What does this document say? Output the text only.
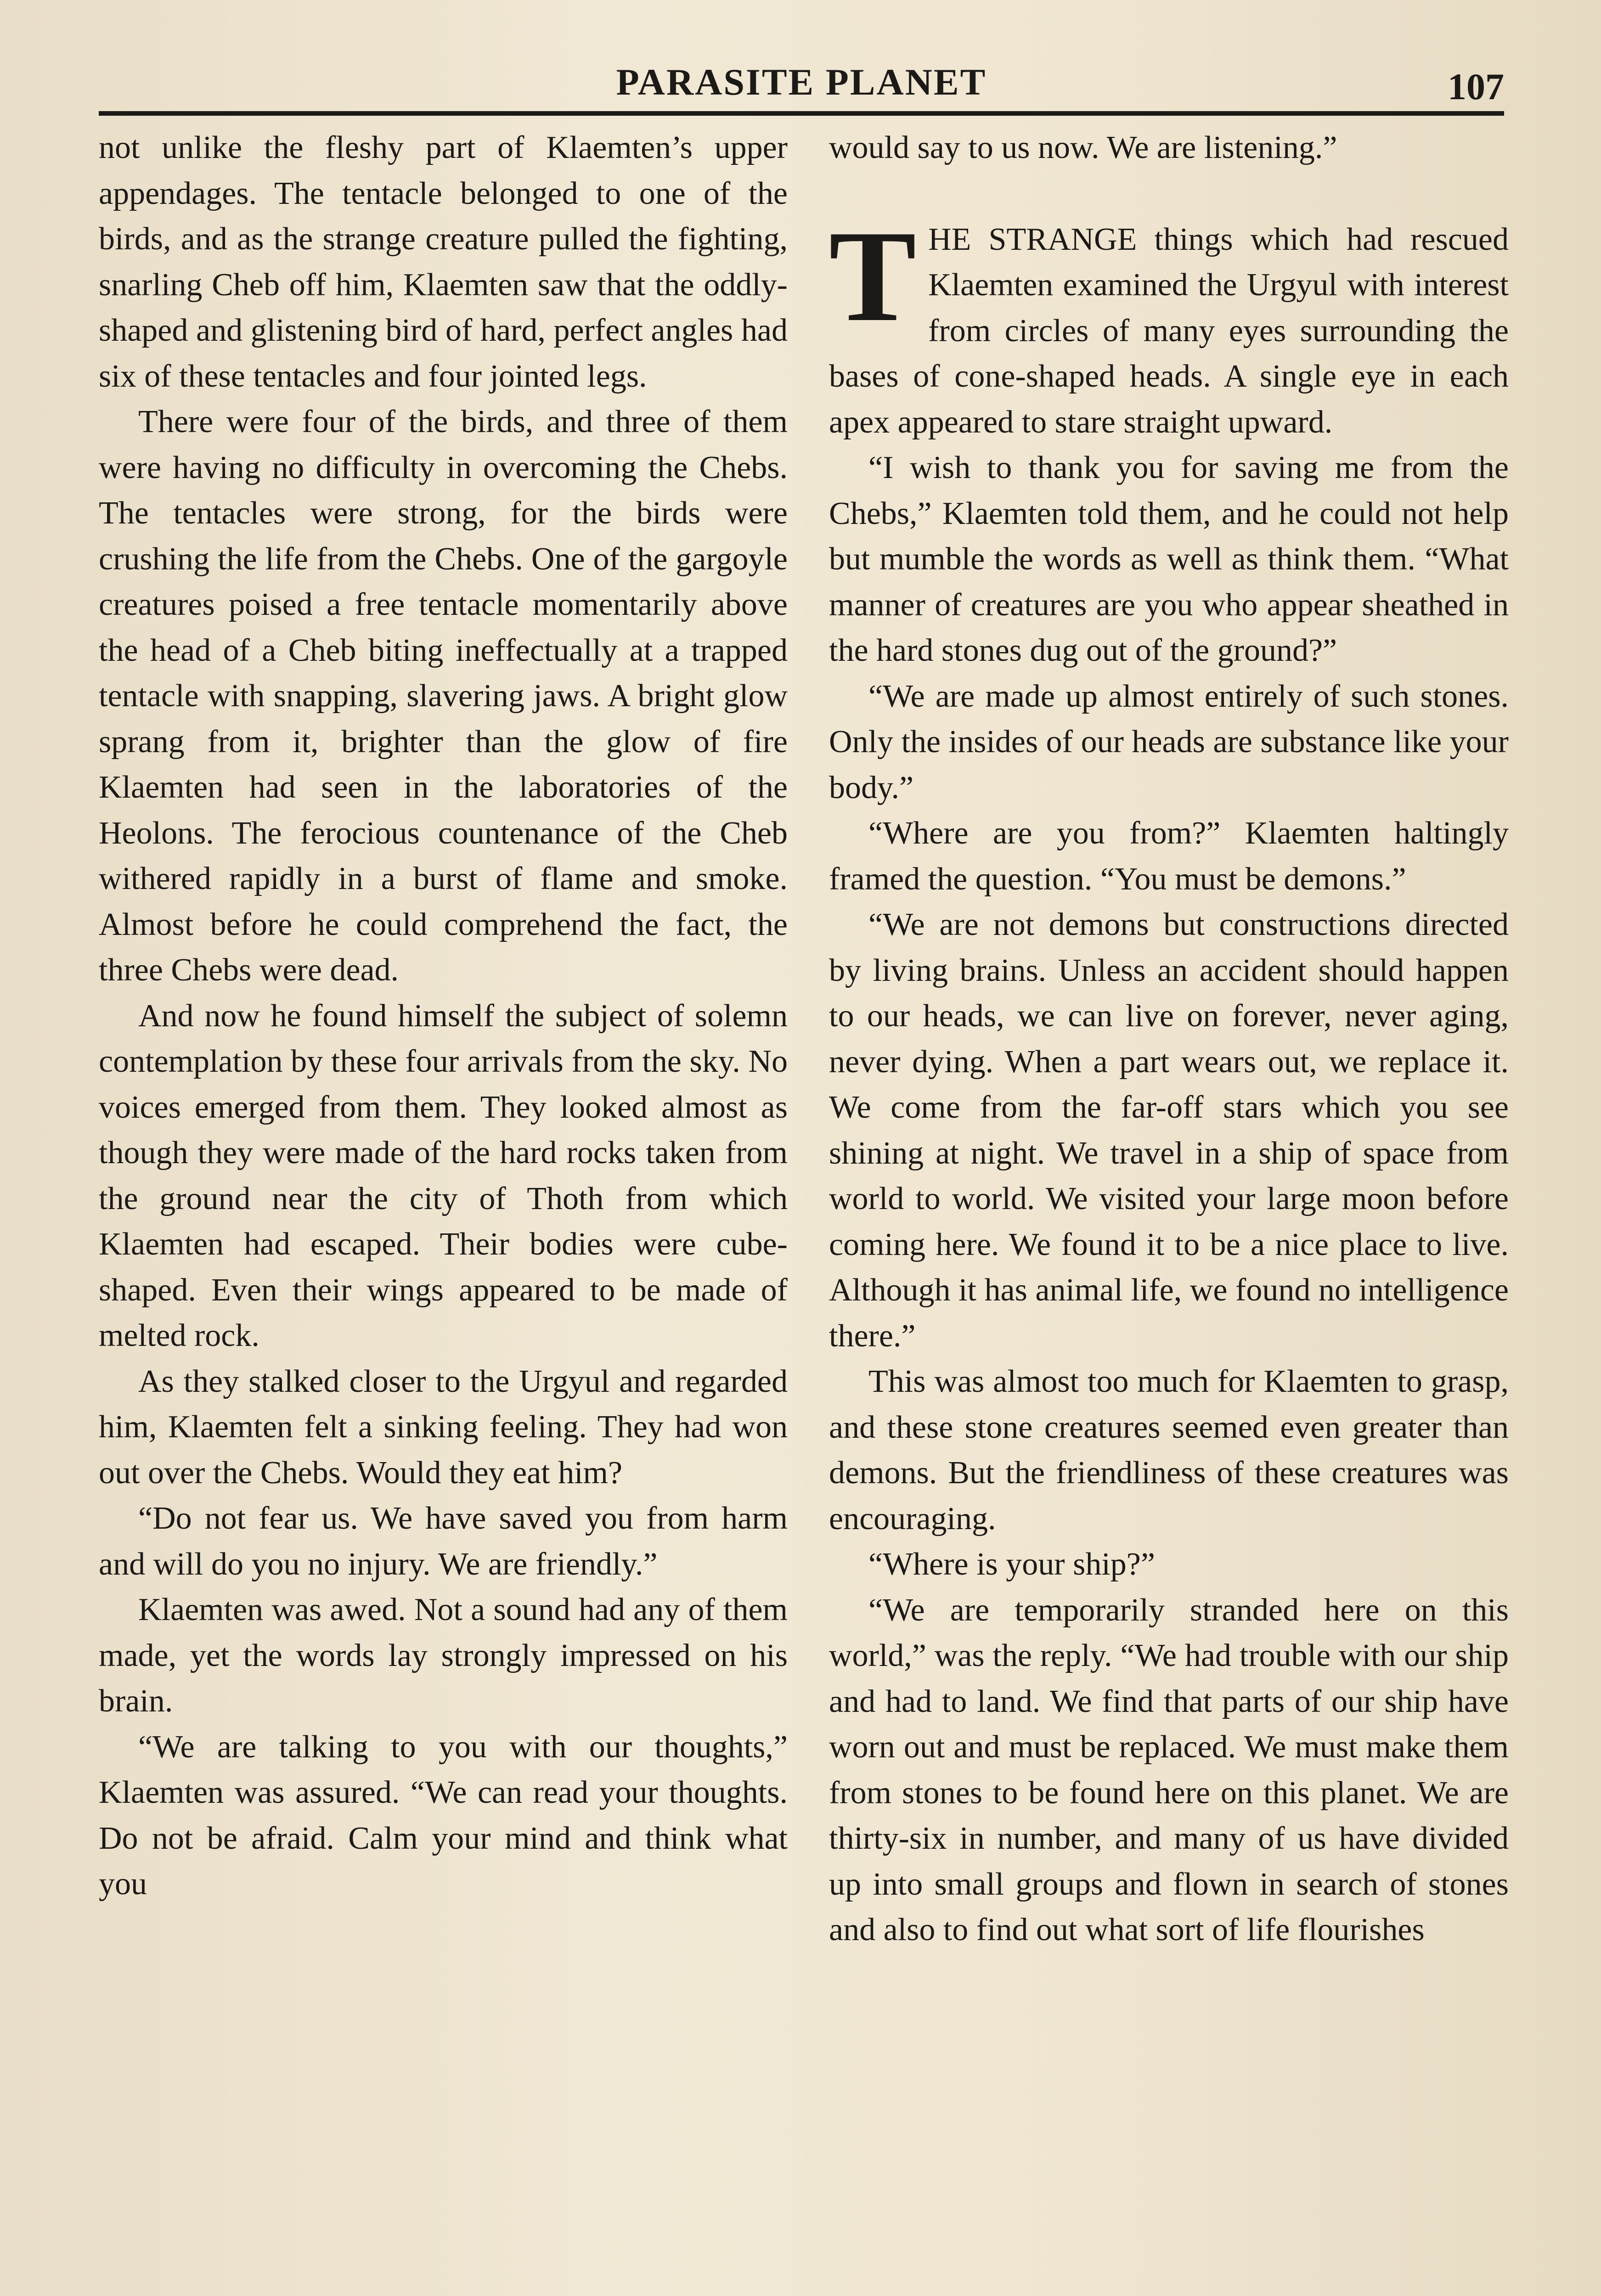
PARASITE PLANET	107

not unlike the fleshy part of Klaemten’s upper appendages. The tentacle belonged to one of the birds, and as the strange creature pulled the fighting, snarling Cheb off him, Klaemten saw that the oddly-shaped and glistening bird of hard, perfect angles had six of these tentacles and four jointed legs.

There were four of the birds, and three of them were having no difficulty in overcoming the Chebs. The tentacles were strong, for the birds were crushing the life from the Chebs. One of the gargoyle creatures poised a free tentacle momentarily above the head of a Cheb biting ineffectually at a trapped tentacle with snapping, slavering jaws. A bright glow sprang from it, brighter than the glow of fire Klaemten had seen in the laboratories of the Heolons. The ferocious countenance of the Cheb withered rapidly in a burst of flame and smoke. Almost before he could comprehend the fact, the three Chebs were dead.

And now he found himself the subject of solemn contemplation by these four arrivals from the sky. No voices emerged from them. They looked almost as though they were made of the hard rocks taken from the ground near the city of Thoth from which Klaemten had escaped. Their bodies were cube-shaped. Even their wings appeared to be made of melted rock.

As they stalked closer to the Urgyul and regarded him, Klaemten felt a sinking feeling. They had won out over the Chebs. Would they eat him?

“Do not fear us. We have saved you from harm and will do you no injury. We are friendly.”

Klaemten was awed. Not a sound had any of them made, yet the words lay strongly impressed on his brain.

“We are talking to you with our thoughts,” Klaemten was assured. “We can read your thoughts. Do not be afraid. Calm your mind and think what you

would say to us now. We are listening.”

THE STRANGE things which had rescued Klaemten examined the Urgyul with interest from circles of many eyes surrounding the bases of cone-shaped heads. A single eye in each apex appeared to stare straight upward.

“I wish to thank you for saving me from the Chebs,” Klaemten told them, and he could not help but mumble the words as well as think them. “What manner of creatures are you who appear sheathed in the hard stones dug out of the ground?”

“We are made up almost entirely of such stones. Only the insides of our heads are substance like your body.”

“Where are you from?” Klaemten haltingly framed the question. “You must be demons.”

“We are not demons but constructions directed by living brains. Unless an accident should happen to our heads, we can live on forever, never aging, never dying. When a part wears out, we replace it. We come from the far-off stars which you see shining at night. We travel in a ship of space from world to world. We visited your large moon before coming here. We found it to be a nice place to live. Although it has animal life, we found no intelligence there.”

This was almost too much for Klaemten to grasp, and these stone creatures seemed even greater than demons. But the friendliness of these creatures was encouraging.

“Where is your ship?”

“We are temporarily stranded here on this world,” was the reply. “We had trouble with our ship and had to land. We find that parts of our ship have worn out and must be replaced. We must make them from stones to be found here on this planet. We are thirty-six in number, and many of us have divided up into small groups and flown in search of stones and also to find out what sort of life flourishes
